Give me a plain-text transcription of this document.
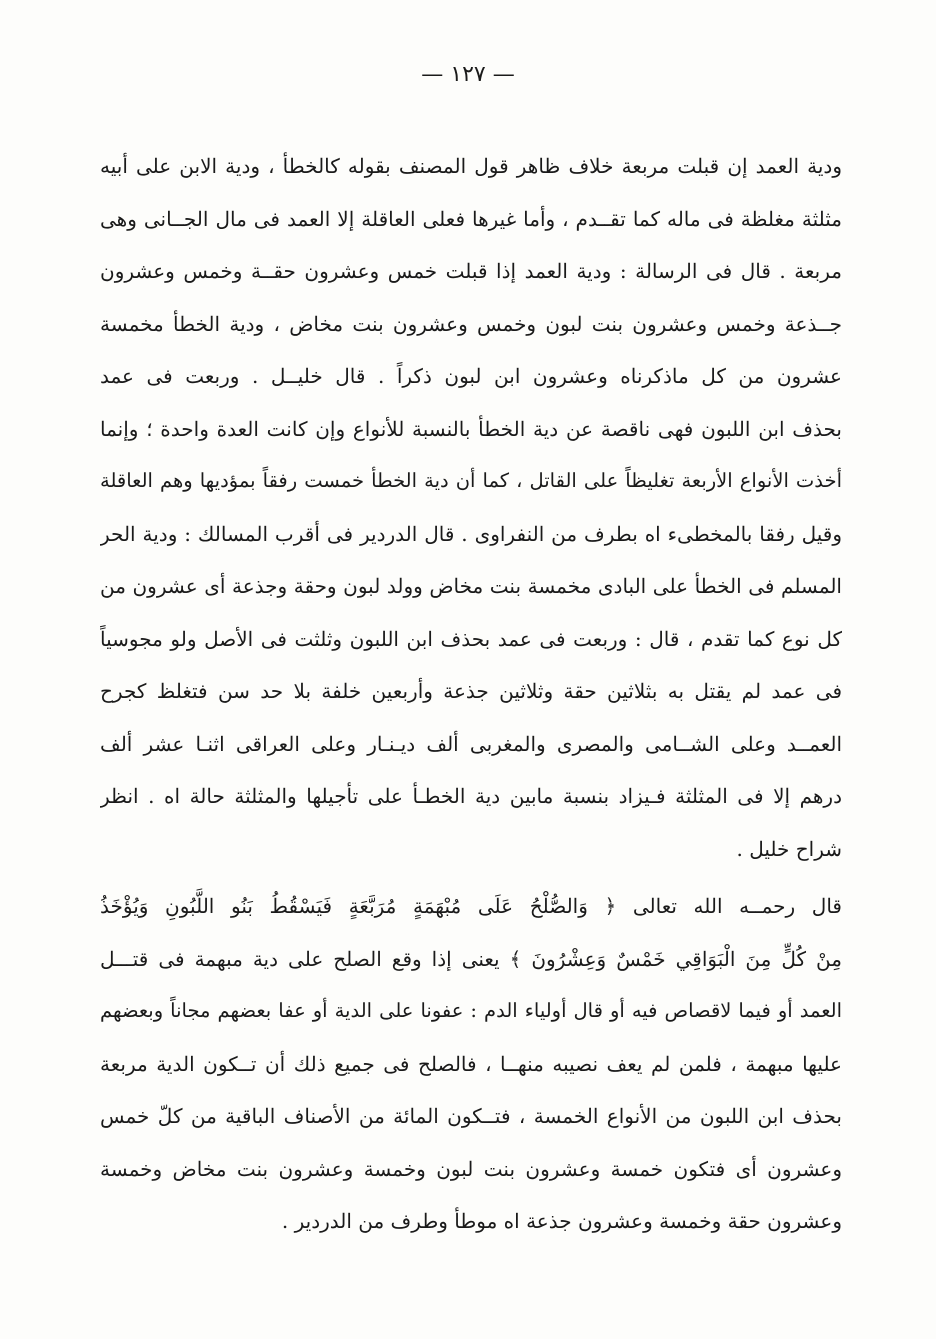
— ١٢٧ —
ودية العمد إن قبلت مربعة خلاف ظاهر قول المصنف بقوله كالخطأ ، ودية الابن على أبيه
مثلثة مغلظة فى ماله كما تقــدم ، وأما غيرها فعلى العاقلة إلا العمد فى مال الجــانى وهى
مربعة . قال فى الرسالة : ودية العمد إذا قبلت خمس وعشرون حقــة وخمس وعشرون
جــذعة وخمس وعشرون بنت لبون وخمس وعشرون بنت مخاض ، ودية الخطأ مخمسة
عشرون من كل ماذكرناه وعشرون ابن لبون ذكراً . قال خليــل . وربعت فى عمد
بحذف ابن اللبون فهى ناقصة عن دية الخطأ بالنسبة للأنواع وإن كانت العدة واحدة ؛ وإنما
أخذت الأنواع الأربعة تغليظاً على القاتل ، كما أن دية الخطأ خمست رفقاً بمؤديها وهم العاقلة
وقيل رفقا بالمخطىء اه بطرف من النفراوى . قال الدردير فى أقرب المسالك : ودية الحر
المسلم فى الخطأ على البادى مخمسة بنت مخاض وولد لبون وحقة وجذعة أى عشرون من
كل نوع كما تقدم ، قال : وربعت فى عمد بحذف ابن اللبون وثلثت فى الأصل ولو مجوسياً
فى عمد لم يقتل به بثلاثين حقة وثلاثين جذعة وأربعين خلفة بلا حد سن فتغلظ كجرح
العمــد وعلى الشــامى والمصرى والمغربى ألف ديـنـار وعلى العراقى اثنـا عشر ألف
درهم إلا فى المثلثة فـيزاد بنسبة مابين دية الخطـأ على تأجيلها والمثلثة حالة اه . انظر
شراح خليل .
قال رحمــه الله تعالى ﴿ وَالصُّلْحُ عَلَى مُبْهَمَةٍ مُرَبَّعَةٍ فَيَسْقُطُ بَنُو اللَّبُونِ وَيُؤْخَذُ
مِنْ كُلٍّ مِنَ الْبَوَاقِي خَمْسٌ وَعِشْرُونَ ﴾ يعنى إذا وقع الصلح على دية مبهمة فى قتـــل
العمد أو فيما لاقصاص فيه أو قال أولياء الدم : عفونا على الدية أو عفا بعضهم مجاناً وبعضهم
عليها مبهمة ، فلمن لم يعف نصيبه منهــا ، فالصلح فى جميع ذلك أن تــكون الدية مربعة
بحذف ابن اللبون من الأنواع الخمسة ، فتــكون المائة من الأصناف الباقية من كلّ خمس
وعشرون أى فتكون خمسة وعشرون بنت لبون وخمسة وعشرون بنت مخاض وخمسة
وعشرون حقة وخمسة وعشرون جذعة اه موطأ وطرف من الدردير .
